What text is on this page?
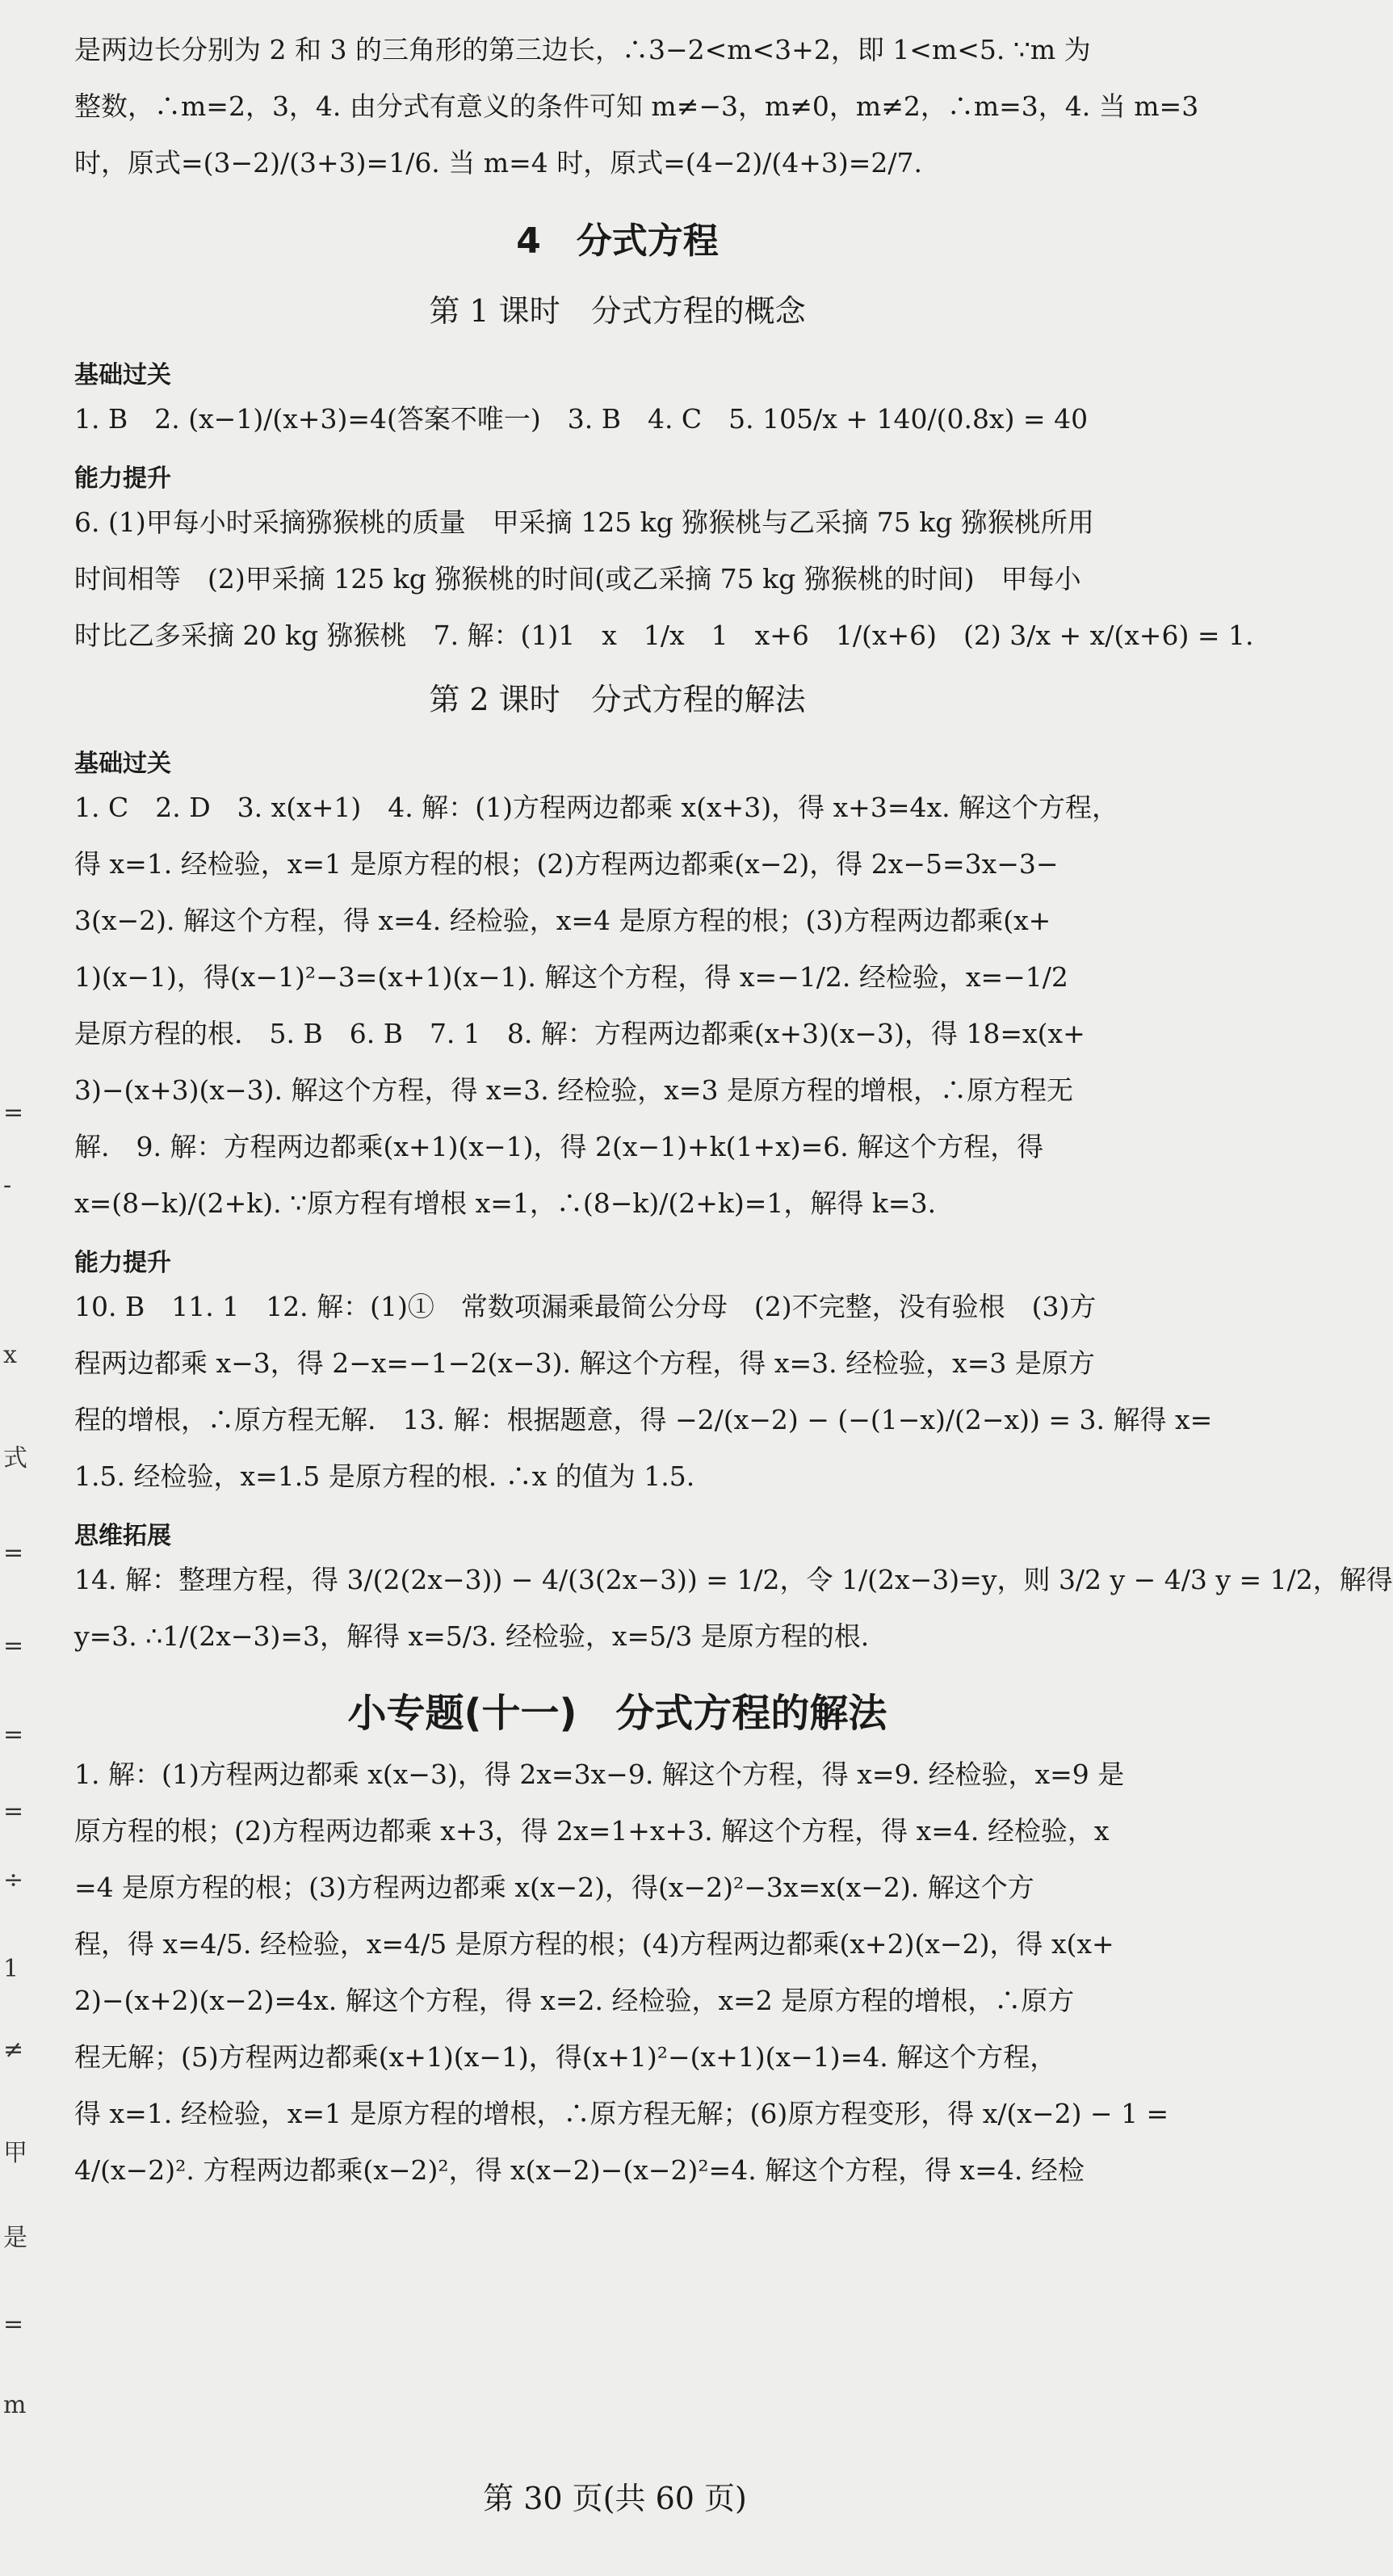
=
-
x
式
=
=
=
=
÷
1
≠
甲
是
=
m

是两边长分别为 2 和 3 的三角形的第三边长，∴3−2<m<3+2，即 1<m<5. ∵m 为

整数，∴m=2，3，4. 由分式有意义的条件可知 m≠−3，m≠0，m≠2，∴m=3，4. 当 m=3

时，原式=(3−2)/(3+3)=1/6. 当 m=4 时，原式=(4−2)/(4+3)=2/7.

4　分式方程
第 1 课时　分式方程的概念
基础过关

1. B　2. (x−1)/(x+3)=4(答案不唯一)　3. B　4. C　5. 105/x + 140/(0.8x) = 40

能力提升

6. (1)甲每小时采摘猕猴桃的质量　甲采摘 125 kg 猕猴桃与乙采摘 75 kg 猕猴桃所用

时间相等　(2)甲采摘 125 kg 猕猴桃的时间(或乙采摘 75 kg 猕猴桃的时间)　甲每小

时比乙多采摘 20 kg 猕猴桃　7. 解：(1)1　x　1/x　1　x+6　1/(x+6)　(2) 3/x + x/(x+6) = 1.

第 2 课时　分式方程的解法
基础过关

1. C　2. D　3. x(x+1)　4. 解：(1)方程两边都乘 x(x+3)，得 x+3=4x. 解这个方程，

得 x=1. 经检验，x=1 是原方程的根；(2)方程两边都乘(x−2)，得 2x−5=3x−3−

3(x−2). 解这个方程，得 x=4. 经检验，x=4 是原方程的根；(3)方程两边都乘(x+

1)(x−1)，得(x−1)²−3=(x+1)(x−1). 解这个方程，得 x=−1/2. 经检验，x=−1/2

是原方程的根.　5. B　6. B　7. 1　8. 解：方程两边都乘(x+3)(x−3)，得 18=x(x+

3)−(x+3)(x−3). 解这个方程，得 x=3. 经检验，x=3 是原方程的增根，∴原方程无

解.　9. 解：方程两边都乘(x+1)(x−1)，得 2(x−1)+k(1+x)=6. 解这个方程，得

x=(8−k)/(2+k). ∵原方程有增根 x=1，∴(8−k)/(2+k)=1，解得 k=3.

能力提升

10. B　11. 1　12. 解：(1)①　常数项漏乘最简公分母　(2)不完整，没有验根　(3)方

程两边都乘 x−3，得 2−x=−1−2(x−3). 解这个方程，得 x=3. 经检验，x=3 是原方

程的增根，∴原方程无解.　13. 解：根据题意，得 −2/(x−2) − (−(1−x)/(2−x)) = 3. 解得 x=

1.5. 经检验，x=1.5 是原方程的根. ∴x 的值为 1.5.

思维拓展

14. 解：整理方程，得 3/(2(2x−3)) − 4/(3(2x−3)) = 1/2，令 1/(2x−3)=y，则 3/2 y − 4/3 y = 1/2，解得

y=3. ∴1/(2x−3)=3，解得 x=5/3. 经检验，x=5/3 是原方程的根.

小专题(十一)　分式方程的解法

1. 解：(1)方程两边都乘 x(x−3)，得 2x=3x−9. 解这个方程，得 x=9. 经检验，x=9 是

原方程的根；(2)方程两边都乘 x+3，得 2x=1+x+3. 解这个方程，得 x=4. 经检验，x

=4 是原方程的根；(3)方程两边都乘 x(x−2)，得(x−2)²−3x=x(x−2). 解这个方

程，得 x=4/5. 经检验，x=4/5 是原方程的根；(4)方程两边都乘(x+2)(x−2)，得 x(x+

2)−(x+2)(x−2)=4x. 解这个方程，得 x=2. 经检验，x=2 是原方程的增根，∴原方

程无解；(5)方程两边都乘(x+1)(x−1)，得(x+1)²−(x+1)(x−1)=4. 解这个方程，

得 x=1. 经检验，x=1 是原方程的增根，∴原方程无解；(6)原方程变形，得 x/(x−2) − 1 =

4/(x−2)². 方程两边都乘(x−2)²，得 x(x−2)−(x−2)²=4. 解这个方程，得 x=4. 经检

第 30 页(共 60 页)
